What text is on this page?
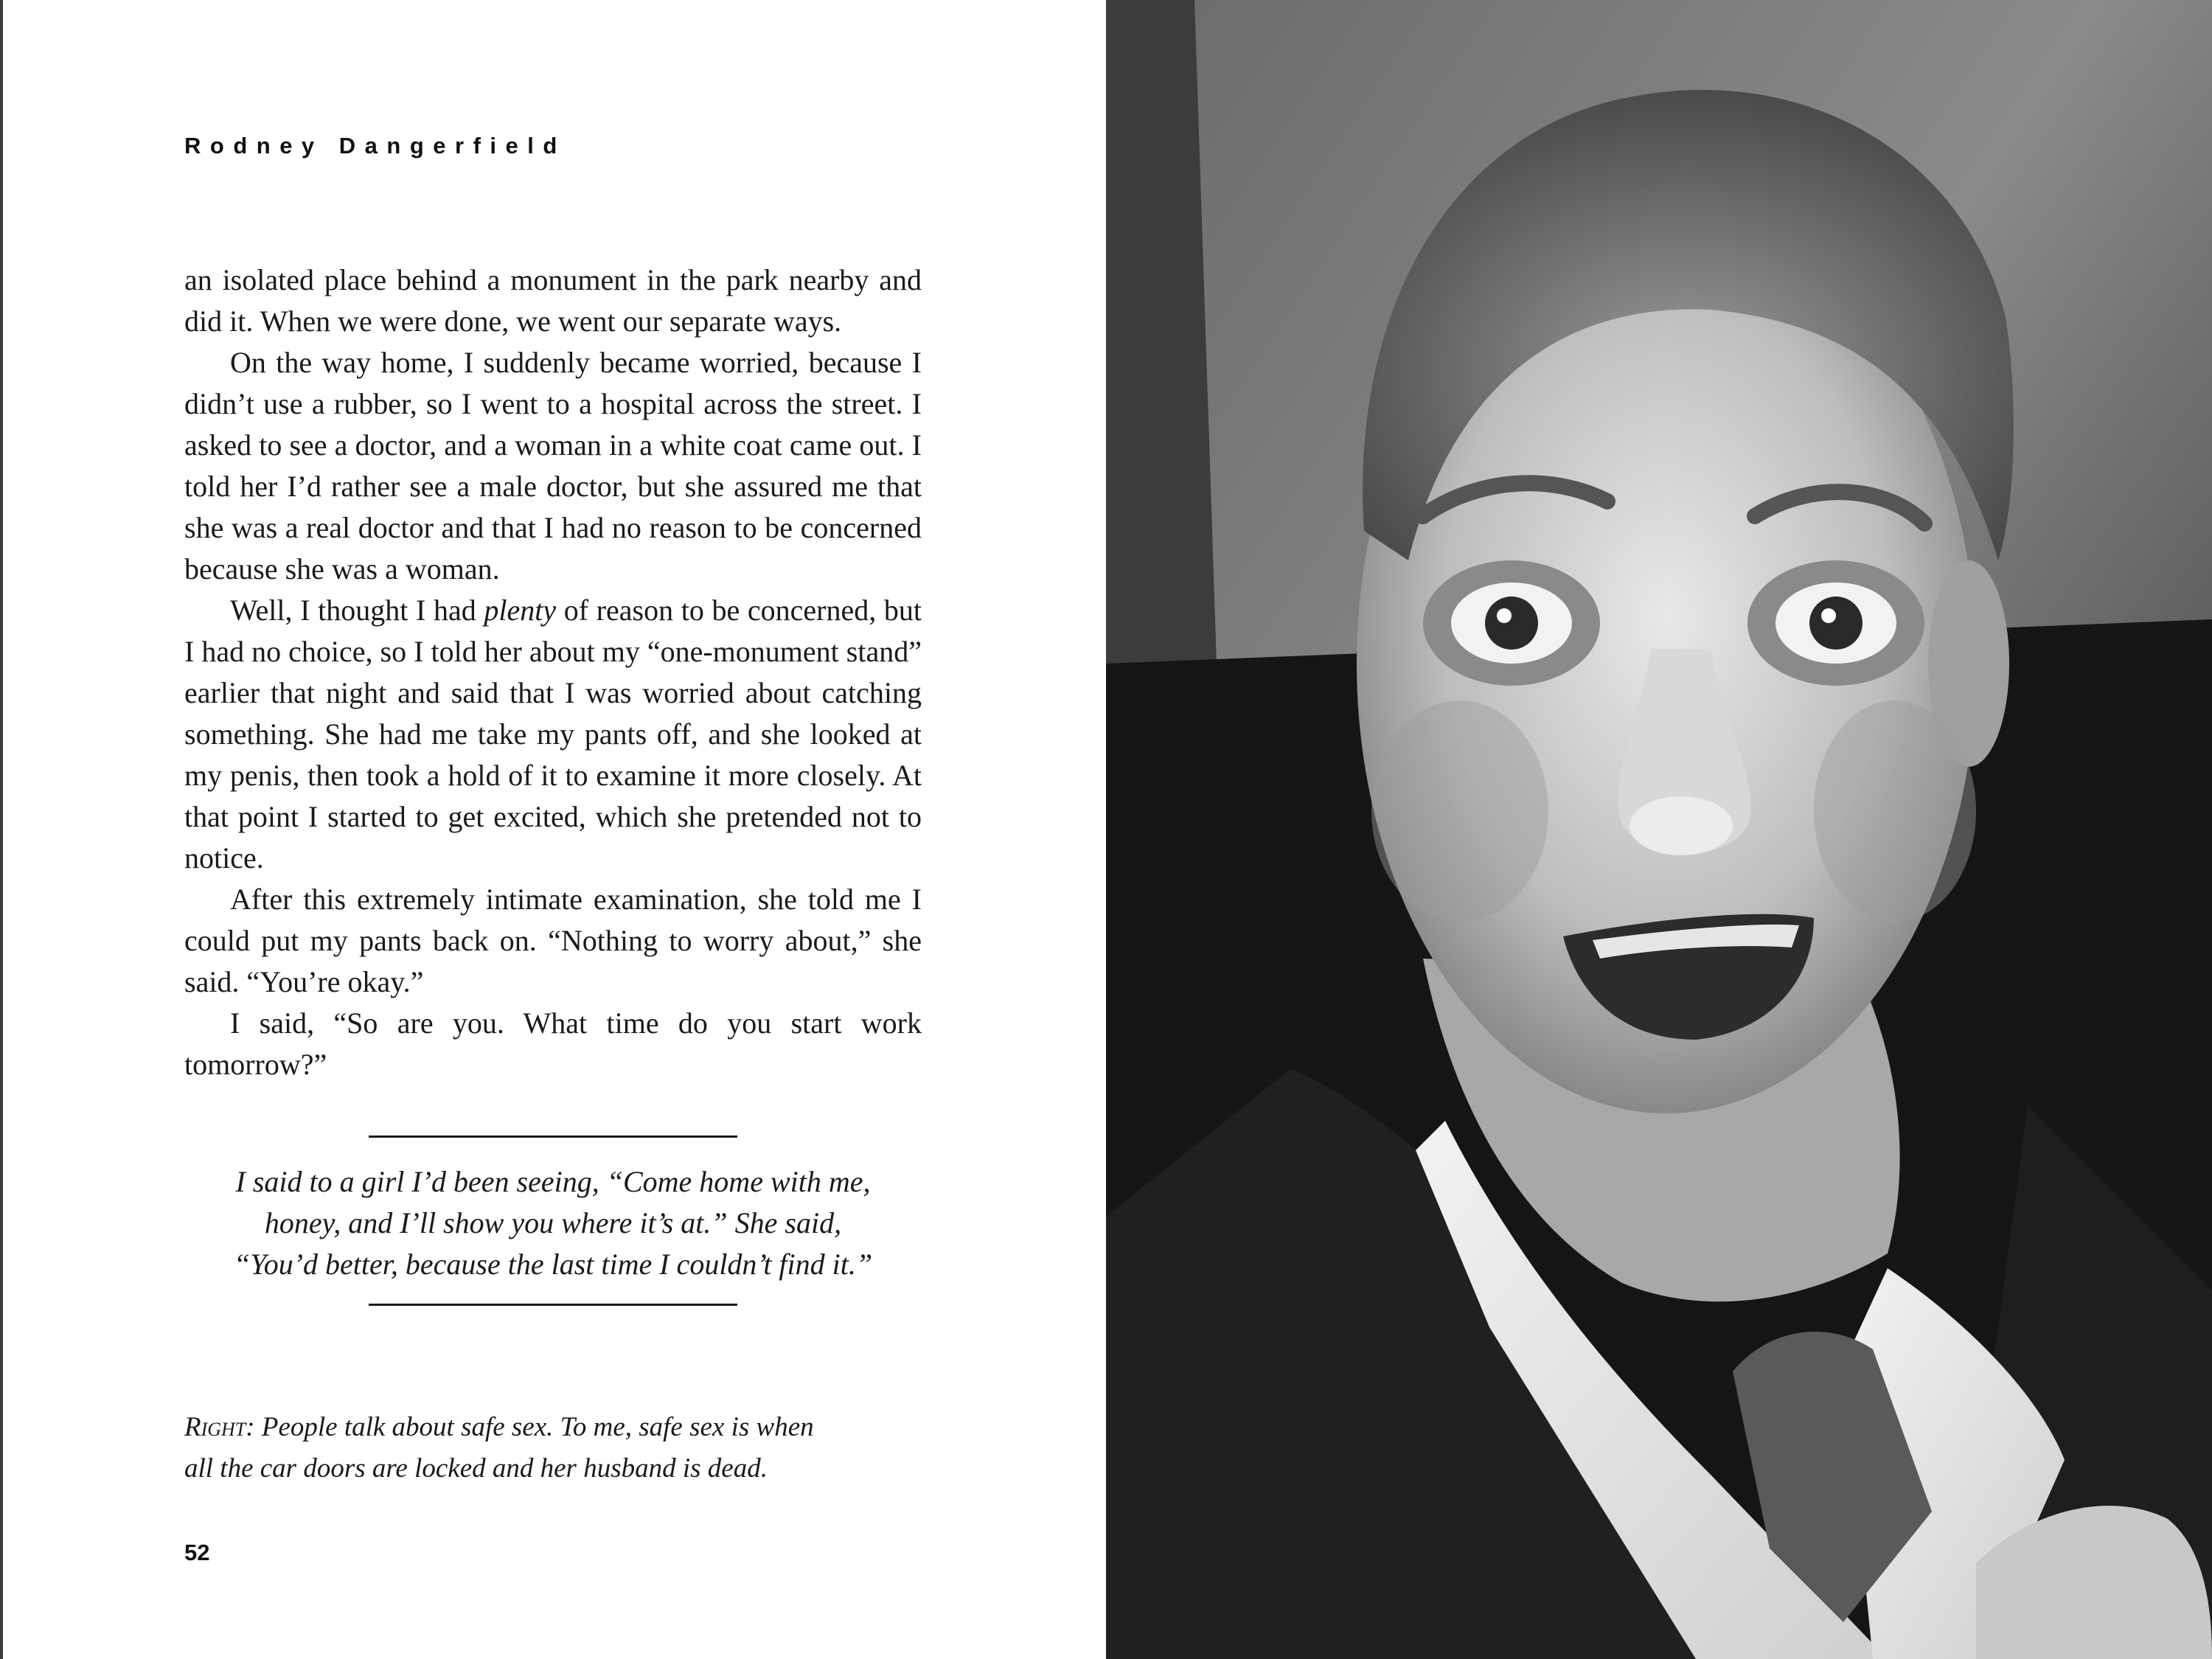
Rodney Dangerfield

an isolated place behind a monument in the park nearby and did it. When we were done, we went our separate ways.

On the way home, I suddenly became worried, because I didn’t use a rubber, so I went to a hospital across the street. I asked to see a doctor, and a woman in a white coat came out. I told her I’d rather see a male doctor, but she assured me that she was a real doctor and that I had no reason to be concerned because she was a woman.

Well, I thought I had plenty of reason to be concerned, but I had no choice, so I told her about my “one-monument stand” earlier that night and said that I was worried about catching something. She had me take my pants off, and she looked at my penis, then took a hold of it to examine it more closely. At that point I started to get excited, which she pretended not to notice.

After this extremely intimate examination, she told me I could put my pants back on. “Nothing to worry about,” she said. “You’re okay.”

I said, “So are you. What time do you start work tomorrow?”

I said to a girl I’d been seeing, “Come home with me,
honey, and I’ll show you where it’s at.” She said,
“You’d better, because the last time I couldn’t find it.”
Right: People talk about safe sex. To me, safe sex is when
all the car doors are locked and her husband is dead.
52
